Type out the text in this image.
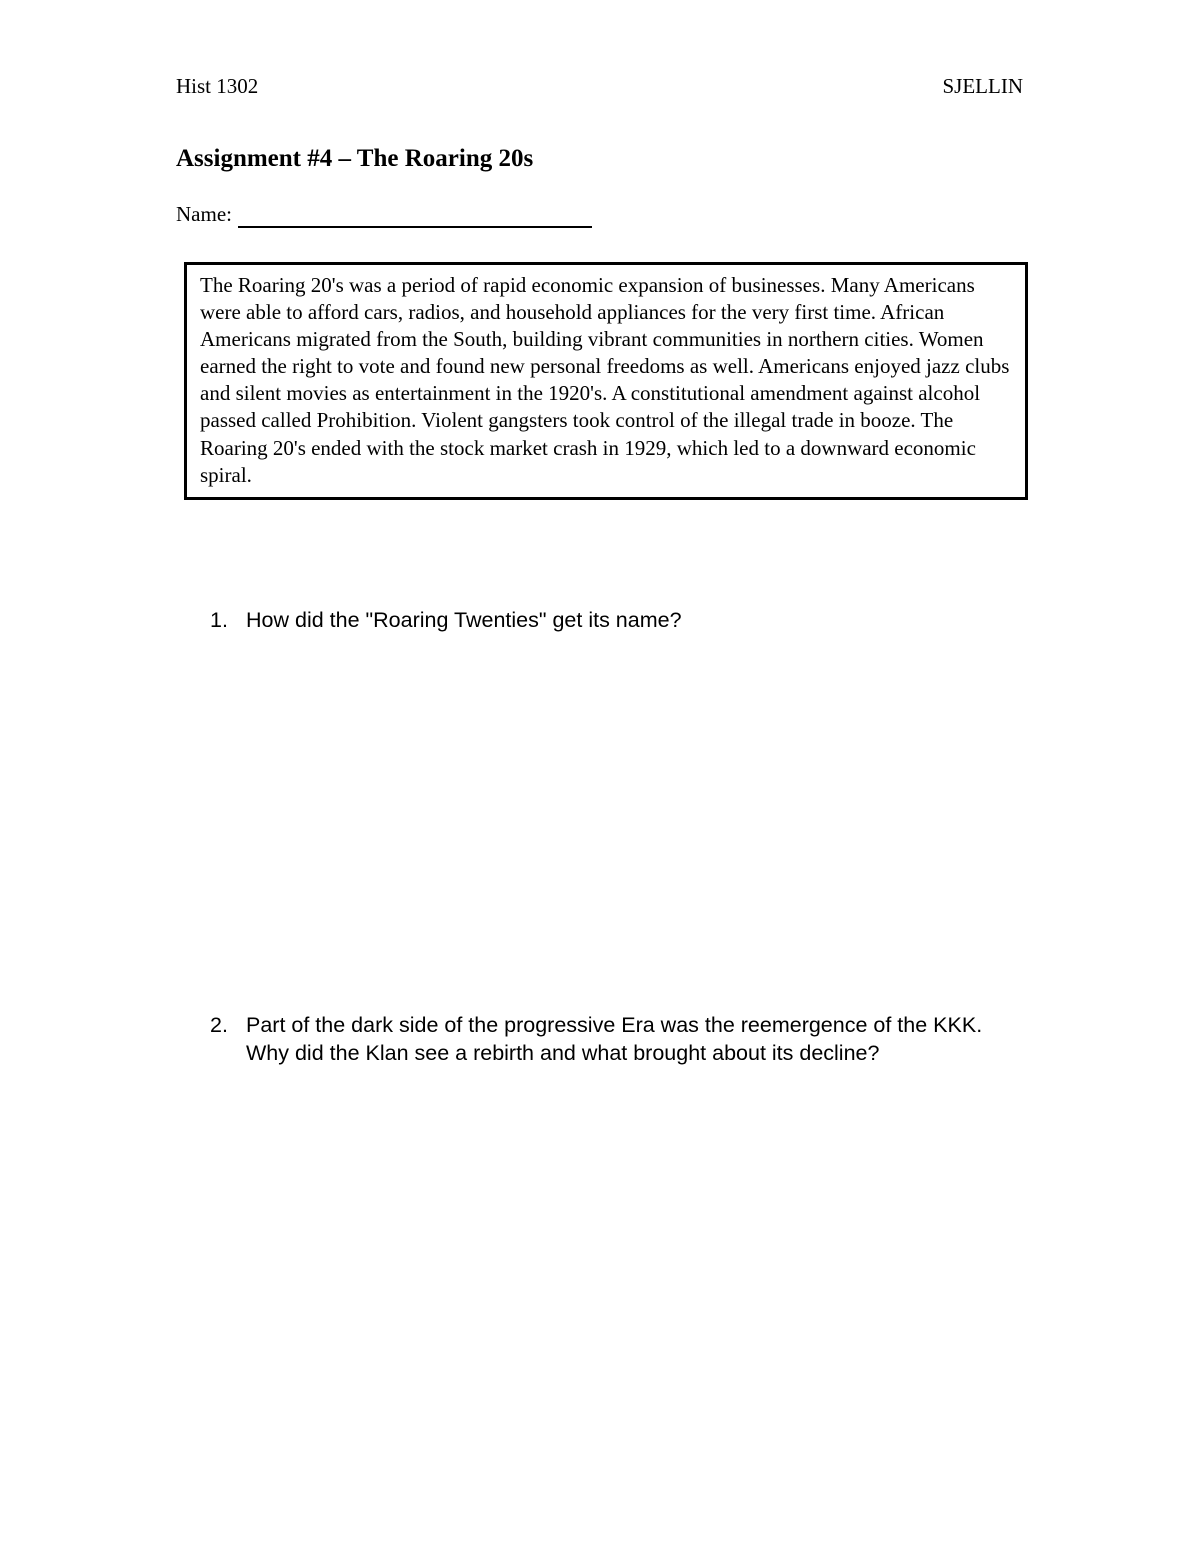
Hist 1302	SJELLIN
Assignment #4 – The Roaring 20s
Name:

The Roaring 20's was a period of rapid economic expansion of businesses. Many Americans were able to afford cars, radios, and household appliances for the very first time. African Americans migrated from the South, building vibrant communities in northern cities. Women earned the right to vote and found new personal freedoms as well. Americans enjoyed jazz clubs and silent movies as entertainment in the 1920's. A constitutional amendment against alcohol passed called Prohibition. Violent gangsters took control of the illegal trade in booze. The Roaring 20's ended with the stock market crash in 1929, which led to a downward economic spiral.

1. How did the "Roaring Twenties" get its name?
2. Part of the dark side of the progressive Era was the reemergence of the KKK. Why did the Klan see a rebirth and what brought about its decline?
